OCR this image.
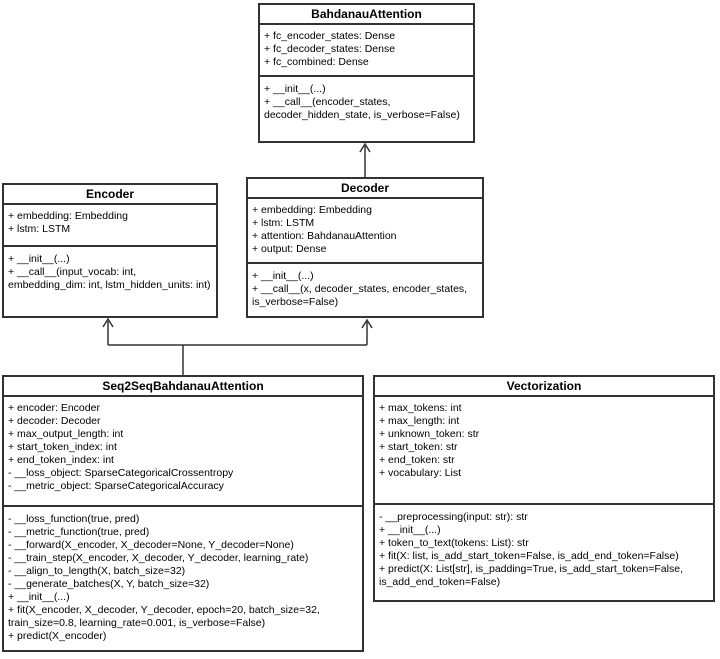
BahdanauAttention
+ fc_encoder_states: Dense
+ fc_decoder_states: Dense
+ fc_combined: Dense
+ __init__(...)
+ __call__(encoder_states, decoder_hidden_state, is_verbose=False)
Encoder
+ embedding: Embedding
+ lstm: LSTM
+ __init__(...)
+ __call__(input_vocab: int, embedding_dim: int, lstm_hidden_units: int)
Decoder
+ embedding: Embedding
+ lstm: LSTM
+ attention: BahdanauAttention
+ output: Dense
+ __init__(...)
+ __call__(x, decoder_states, encoder_states, is_verbose=False)
Seq2SeqBahdanauAttention
+ encoder: Encoder
+ decoder: Decoder
+ max_output_length: int
+ start_token_index: int
+ end_token_index: int
- __loss_object: SparseCategoricalCrossentropy
- __metric_object: SparseCategoricalAccuracy
- __loss_function(true, pred)
- __metric_function(true, pred)
- __forward(X_encoder, X_decoder=None, Y_decoder=None)
- __train_step(X_encoder, X_decoder, Y_decoder, learning_rate)
- __align_to_length(X, batch_size=32)
- __generate_batches(X, Y, batch_size=32)
+ __init__(...)
+ fit(X_encoder, X_decoder, Y_decoder, epoch=20, batch_size=32, train_size=0.8, learning_rate=0.001, is_verbose=False)
+ predict(X_encoder)
Vectorization
+ max_tokens: int
+ max_length: int
+ unknown_token: str
+ start_token: str
+ end_token: str
+ vocabulary: List
- __preprocessing(input: str): str
+ __init__(...)
+ token_to_text(tokens: List): str
+ fit(X: list, is_add_start_token=False, is_add_end_token=False)
+ predict(X: List[str], is_padding=True, is_add_start_token=False, is_add_end_token=False)
